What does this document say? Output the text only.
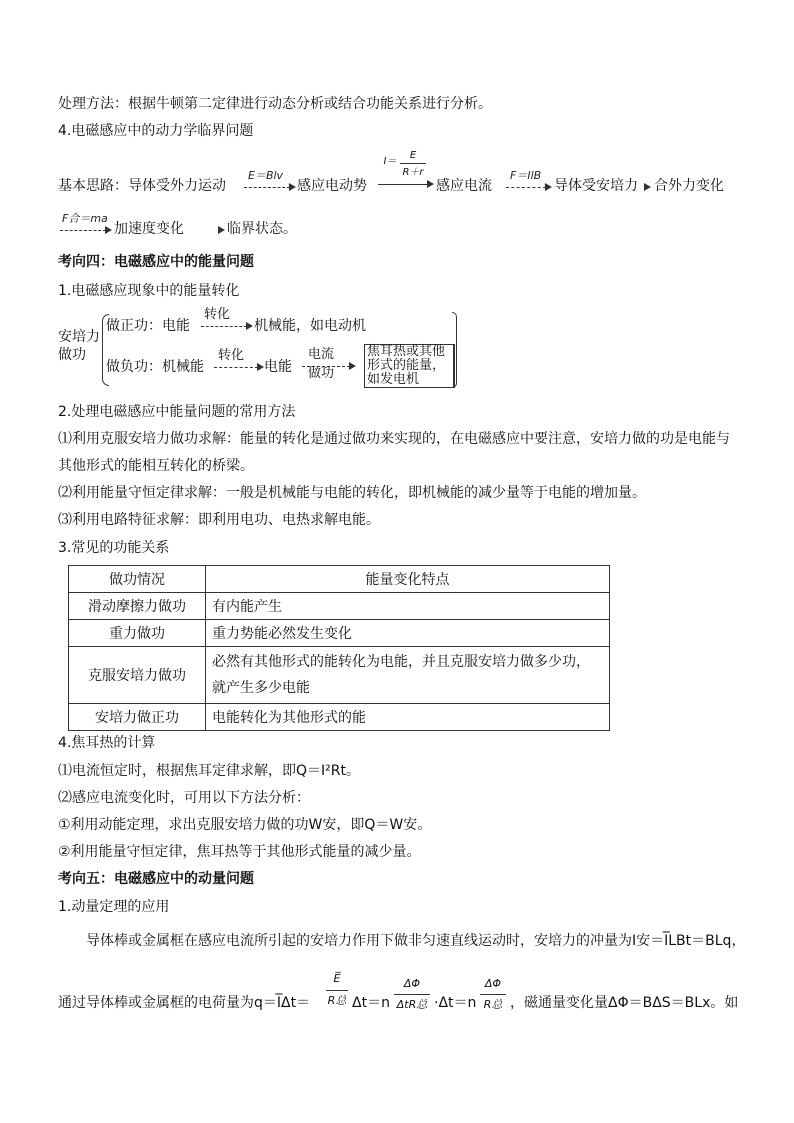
处理方法：根据牛顿第二定律进行动态分析或结合功能关系进行分析。
4.电磁感应中的动力学临界问题
基本思路：导体受外力运动
E＝Blv
感应电动势
I＝
E
R＋r
感应电流
F＝IlB
导体受安培力 合外力变化
F合＝ma
加速度变化	临界状态。
考向四：电磁感应中的能量问题
1.电磁感应现象中的能量转化
安培力
做功
做正功：电能
转化
机械能，如电动机
做负功：机械能
转化
电能
电流
做功
焦耳热或其他
形式的能量，
如发电机
2.处理电磁感应中能量问题的常用方法
⑴利用克服安培力做功求解：能量的转化是通过做功来实现的，在电磁感应中要注意，安培力做的功是电能与
其他形式的能相互转化的桥梁。
⑵利用能量守恒定律求解：一般是机械能与电能的转化，即机械能的减少量等于电能的增加量。
⑶利用电路特征求解：即利用电功、电热求解电能。
3.常见的功能关系
做功情况	能量变化特点
滑动摩擦力做功	有内能产生
重力做功	重力势能必然发生变化
克服安培力做功	必然有其他形式的能转化为电能，并且克服安培力做多少功，就产生多少电能
安培力做正功	电能转化为其他形式的能
4.焦耳热的计算
⑴电流恒定时，根据焦耳定律求解，即Q＝I²Rt。
⑵感应电流变化时，可用以下方法分析：
①利用动能定理，求出克服安培力做的功W安，即Q＝W安。
②利用能量守恒定律，焦耳热等于其他形式能量的减少量。
考向五：电磁感应中的动量问题
1.动量定理的应用
导体棒或金属框在感应电流所引起的安培力作用下做非匀速直线运动时，安培力的冲量为I安＝I̅LBt＝BLq，
通过导体棒或金属框的电荷量为q＝I̅Δt＝
E̅
R总 Δt＝n
ΔΦ
ΔtR总 ·Δt＝n
ΔΦ
R总 ，磁通量变化量ΔΦ＝BΔS＝BLx。如
